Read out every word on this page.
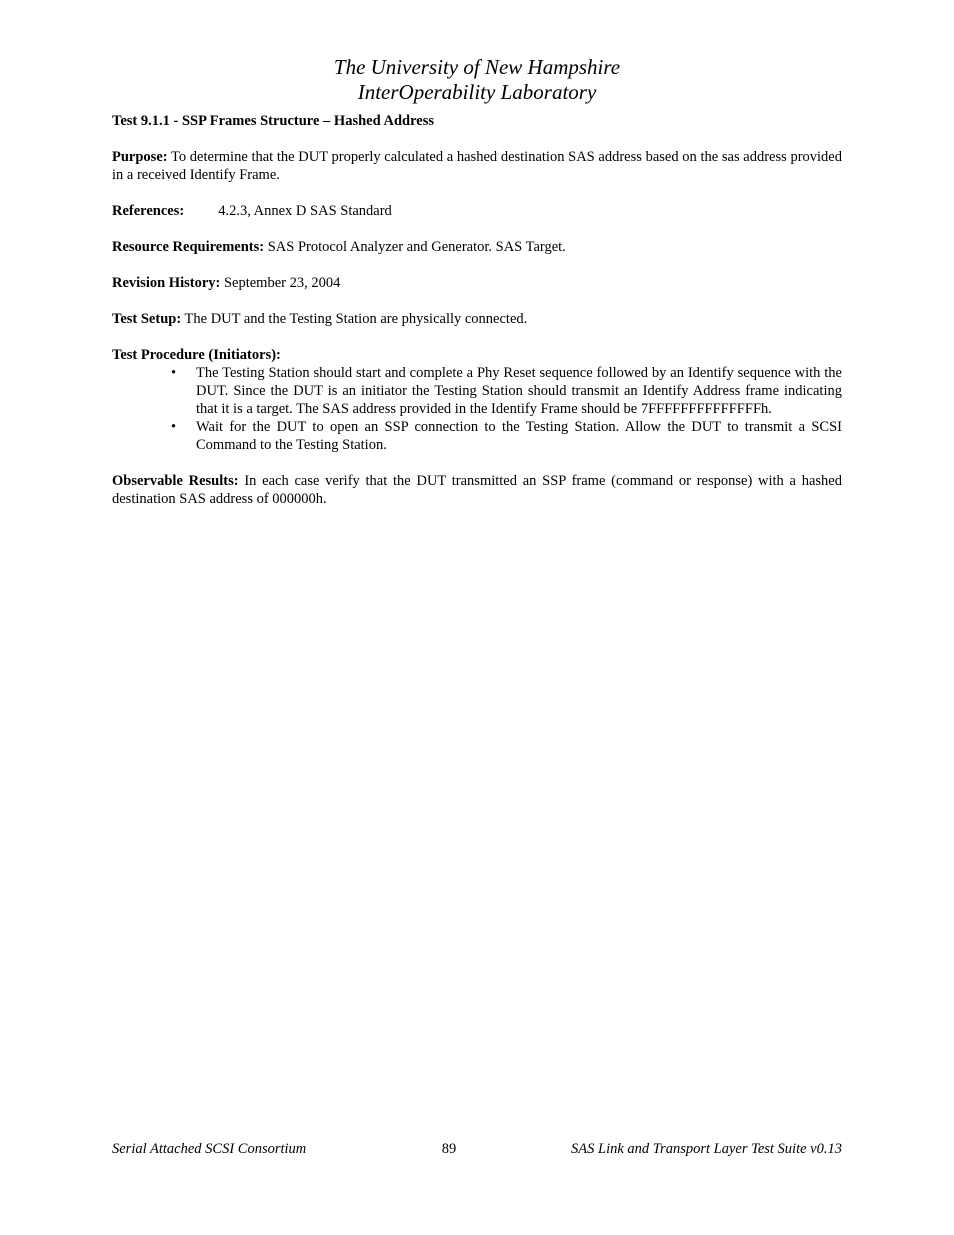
The University of New Hampshire
InterOperability Laboratory

Test 9.1.1 - SSP Frames Structure – Hashed Address

Purpose: To determine that the DUT properly calculated a hashed destination SAS address based on the sas address provided in a received Identify Frame.

References: 4.2.3, Annex D SAS Standard

Resource Requirements: SAS Protocol Analyzer and Generator. SAS Target.

Revision History: September 23, 2004

Test Setup: The DUT and the Testing Station are physically connected.

Test Procedure (Initiators):

• The Testing Station should start and complete a Phy Reset sequence followed by an Identify sequence with the DUT. Since the DUT is an initiator the Testing Station should transmit an Identify Address frame indicating that it is a target. The SAS address provided in the Identify Frame should be 7FFFFFFFFFFFFFFh.
• Wait for the DUT to open an SSP connection to the Testing Station. Allow the DUT to transmit a SCSI Command to the Testing Station.

Observable Results: In each case verify that the DUT transmitted an SSP frame (command or response) with a hashed destination SAS address of 000000h.

Serial Attached SCSI Consortium	89	SAS Link and Transport Layer Test Suite v0.13
